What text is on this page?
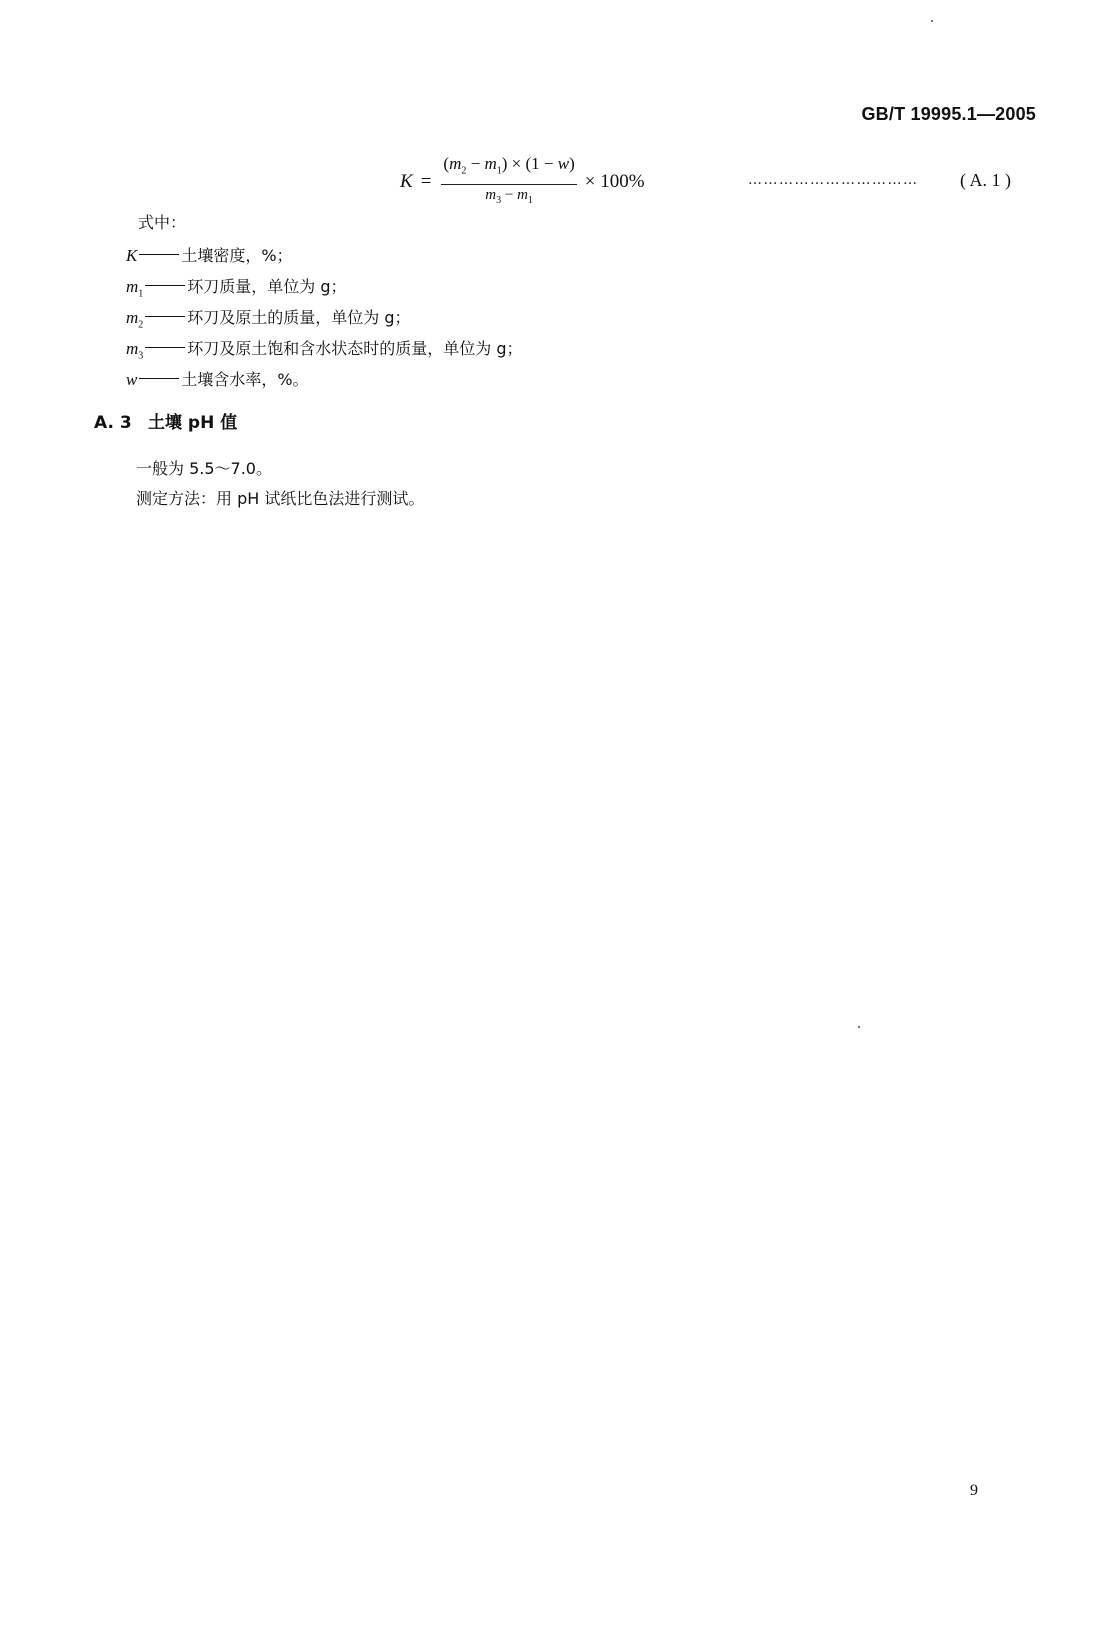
GB/T 19995.1—2005
$K = \frac{(m_2 - m_1) \times (1 - w)}{m_3 - m_1} \times 100\%$	……………………………	( A. 1 )
式中：
K	土壤密度，%；
$m_1$	环刀质量，单位为 g；
$m_2$	环刀及原土的质量，单位为 g；
$m_3$	环刀及原土饱和含水状态时的质量，单位为 g；
w	土壤含水率，%。
A. 3 土壤 pH 值
一般为 5.5～7.0。
测定方法：用 pH 试纸比色法进行测试。
9
